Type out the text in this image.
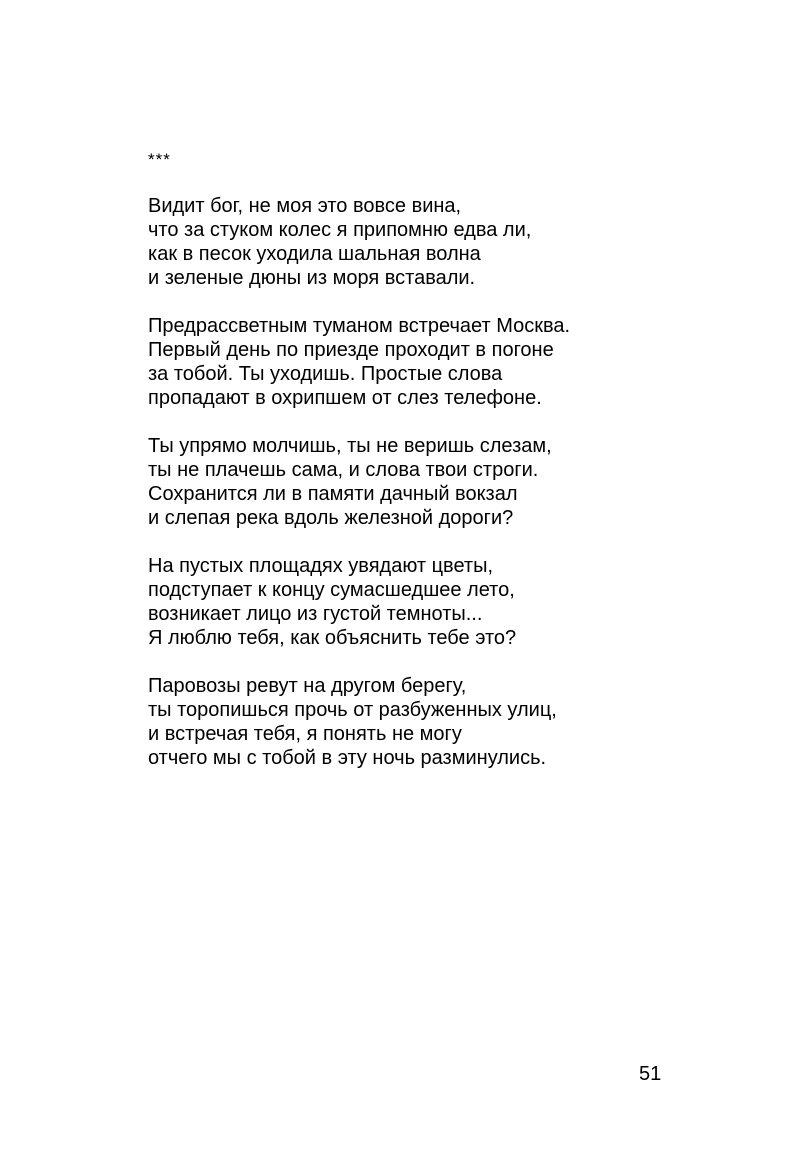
***
Видит бог, не моя это вовсе вина,
что за стуком колес я припомню едва ли,
как в песок уходила шальная волна
и зеленые дюны из моря вставали.
Предрассветным туманом встречает Москва.
Первый день по приезде проходит в погоне
за тобой. Ты уходишь. Простые слова
пропадают в охрипшем от слез телефоне.
Ты упрямо молчишь, ты не веришь слезам,
ты не плачешь сама, и слова твои строги.
Сохранится ли в памяти дачный вокзал
и слепая река вдоль железной дороги?
На пустых площадях увядают цветы,
подступает к концу сумасшедшее лето,
возникает лицо из густой темноты...
Я люблю тебя, как объяснить тебе это?
Паровозы ревут на другом берегу,
ты торопишься прочь от разбуженных улиц,
и встречая тебя, я понять не могу
отчего мы с тобой в эту ночь разминулись.
51
